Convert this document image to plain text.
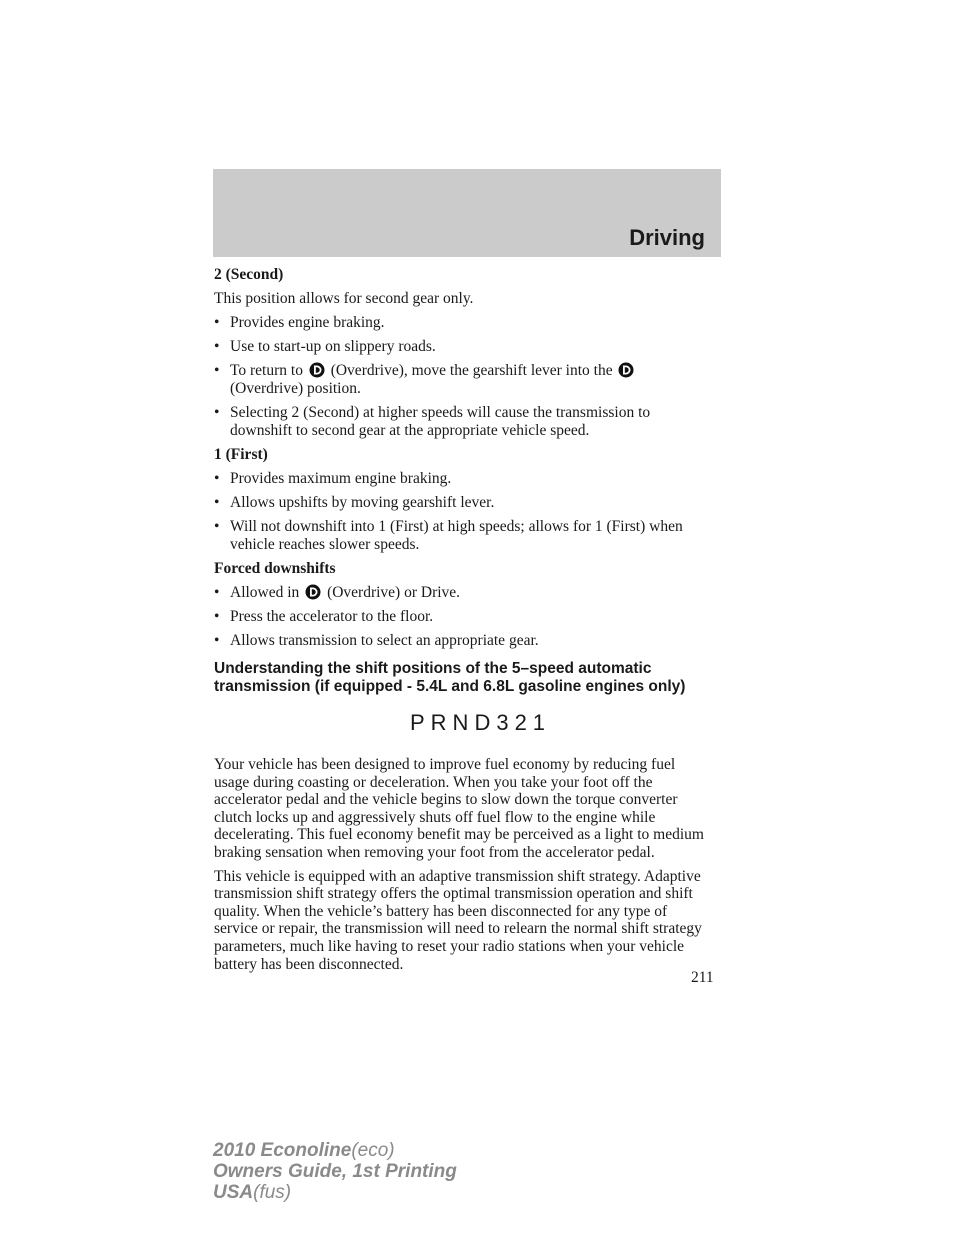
Driving
2 (Second)
This position allows for second gear only.
• Provides engine braking.
• Use to start-up on slippery roads.
• To return to (Overdrive), move the gearshift lever into the
(Overdrive) position.
• Selecting 2 (Second) at higher speeds will cause the transmission to downshift to second gear at the appropriate vehicle speed.
1 (First)
• Provides maximum engine braking.
• Allows upshifts by moving gearshift lever.
• Will not downshift into 1 (First) at high speeds; allows for 1 (First) when vehicle reaches slower speeds.
Forced downshifts
• Allowed in (Overdrive) or Drive.
• Press the accelerator to the floor.
• Allows transmission to select an appropriate gear.
Understanding the shift positions of the 5–speed automatic transmission (if equipped - 5.4L and 6.8L gasoline engines only)
PRND321
Your vehicle has been designed to improve fuel economy by reducing fuel usage during coasting or deceleration. When you take your foot off the accelerator pedal and the vehicle begins to slow down the torque converter clutch locks up and aggressively shuts off fuel flow to the engine while decelerating. This fuel economy benefit may be perceived as a light to medium braking sensation when removing your foot from the accelerator pedal.
This vehicle is equipped with an adaptive transmission shift strategy. Adaptive transmission shift strategy offers the optimal transmission operation and shift quality. When the vehicle’s battery has been disconnected for any type of service or repair, the transmission will need to relearn the normal shift strategy parameters, much like having to reset your radio stations when your vehicle battery has been disconnected.
211
2010 Econoline(eco)
Owners Guide, 1st Printing
USA(fus)
